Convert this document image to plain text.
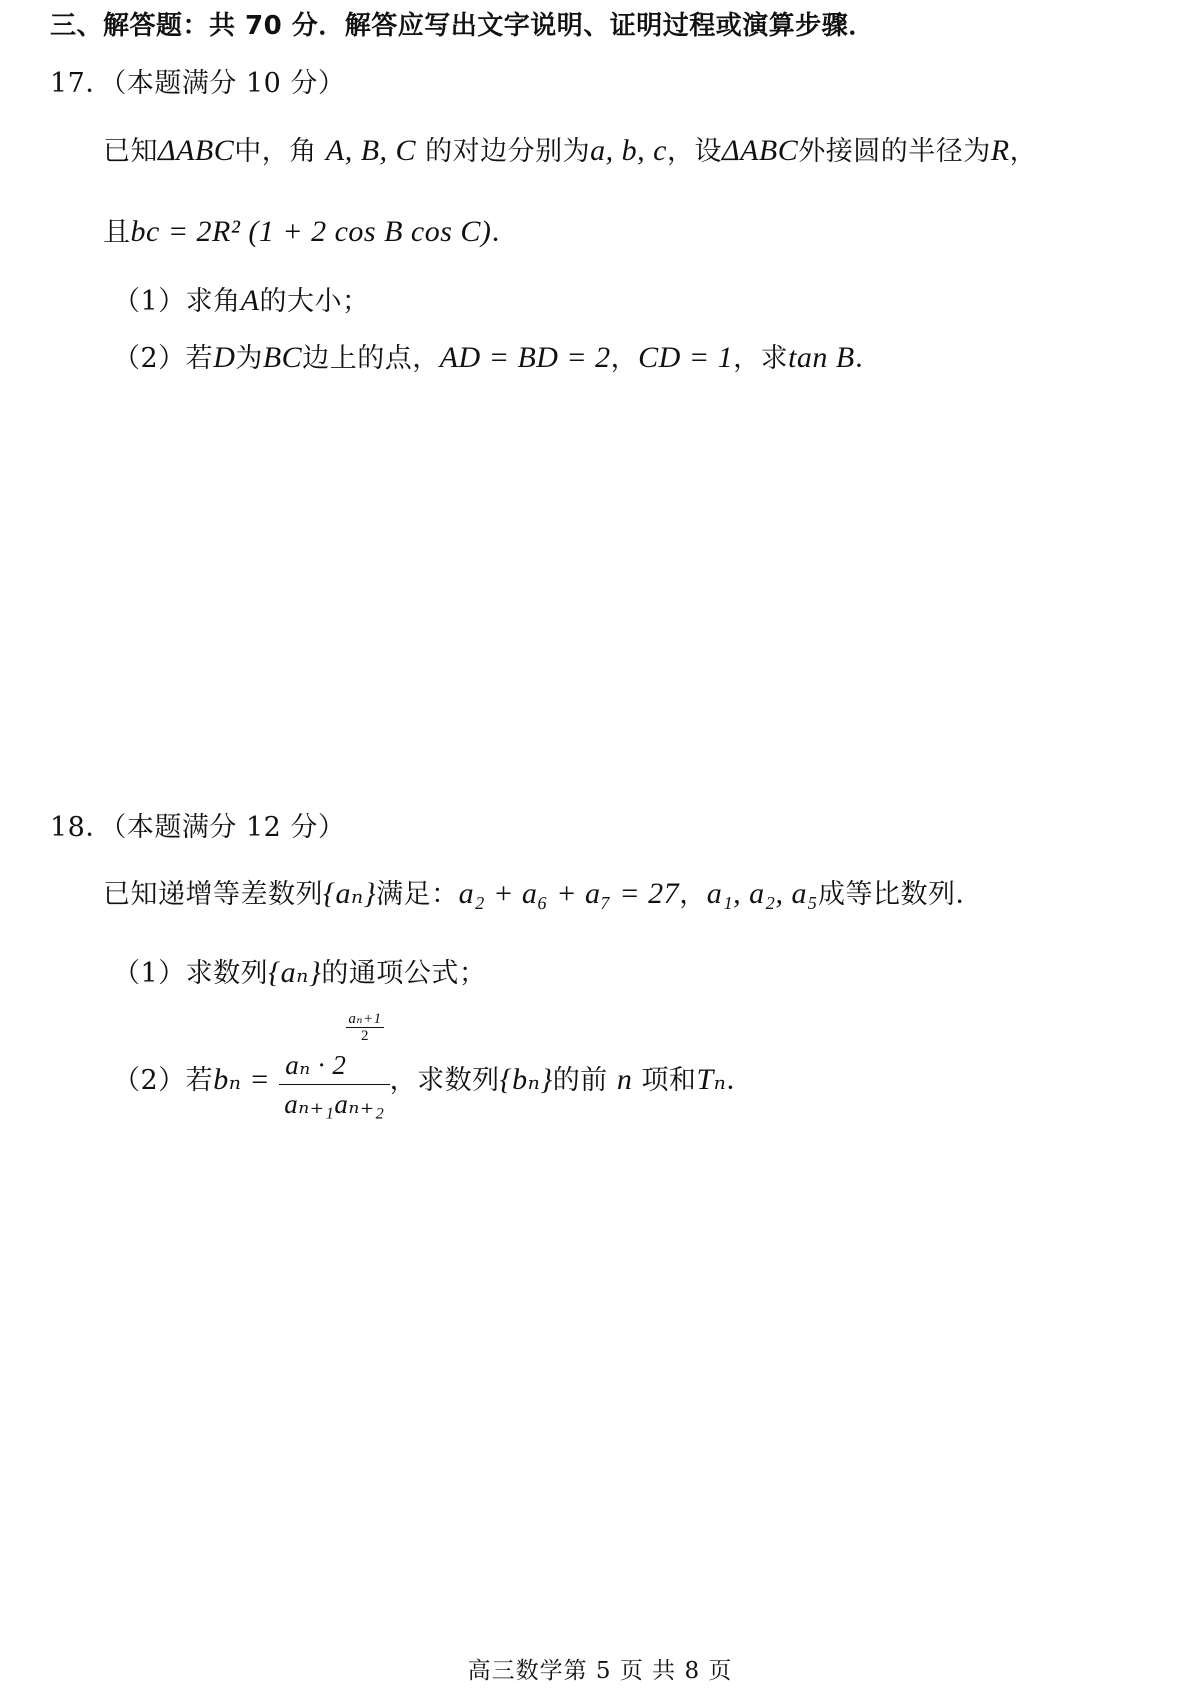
三、解答题：共 70 分．解答应写出文字说明、证明过程或演算步骤．
17．（本题满分 10 分）
已知ΔABC中，角 A, B, C 的对边分别为a, b, c，设ΔABC外接圆的半径为R，
且bc = 2R² (1 + 2 cos B cos C)．
（1）求角A的大小；
（2）若D为BC边上的点，AD = BD = 2，CD = 1，求tan B．
18．（本题满分 12 分）
已知递增等差数列{aₙ}满足：a₂ + a₆ + a₇ = 27，a₁, a₂, a₅成等比数列．
（1）求数列{aₙ}的通项公式；
（2）若bₙ = aₙ · 2
$\frac{\text{aₙ+1}}{2}$
aₙ₊₁aₙ₊₂ ，求数列{bₙ}的前 n 项和Tₙ．
高三数学第 5 页 共 8 页
